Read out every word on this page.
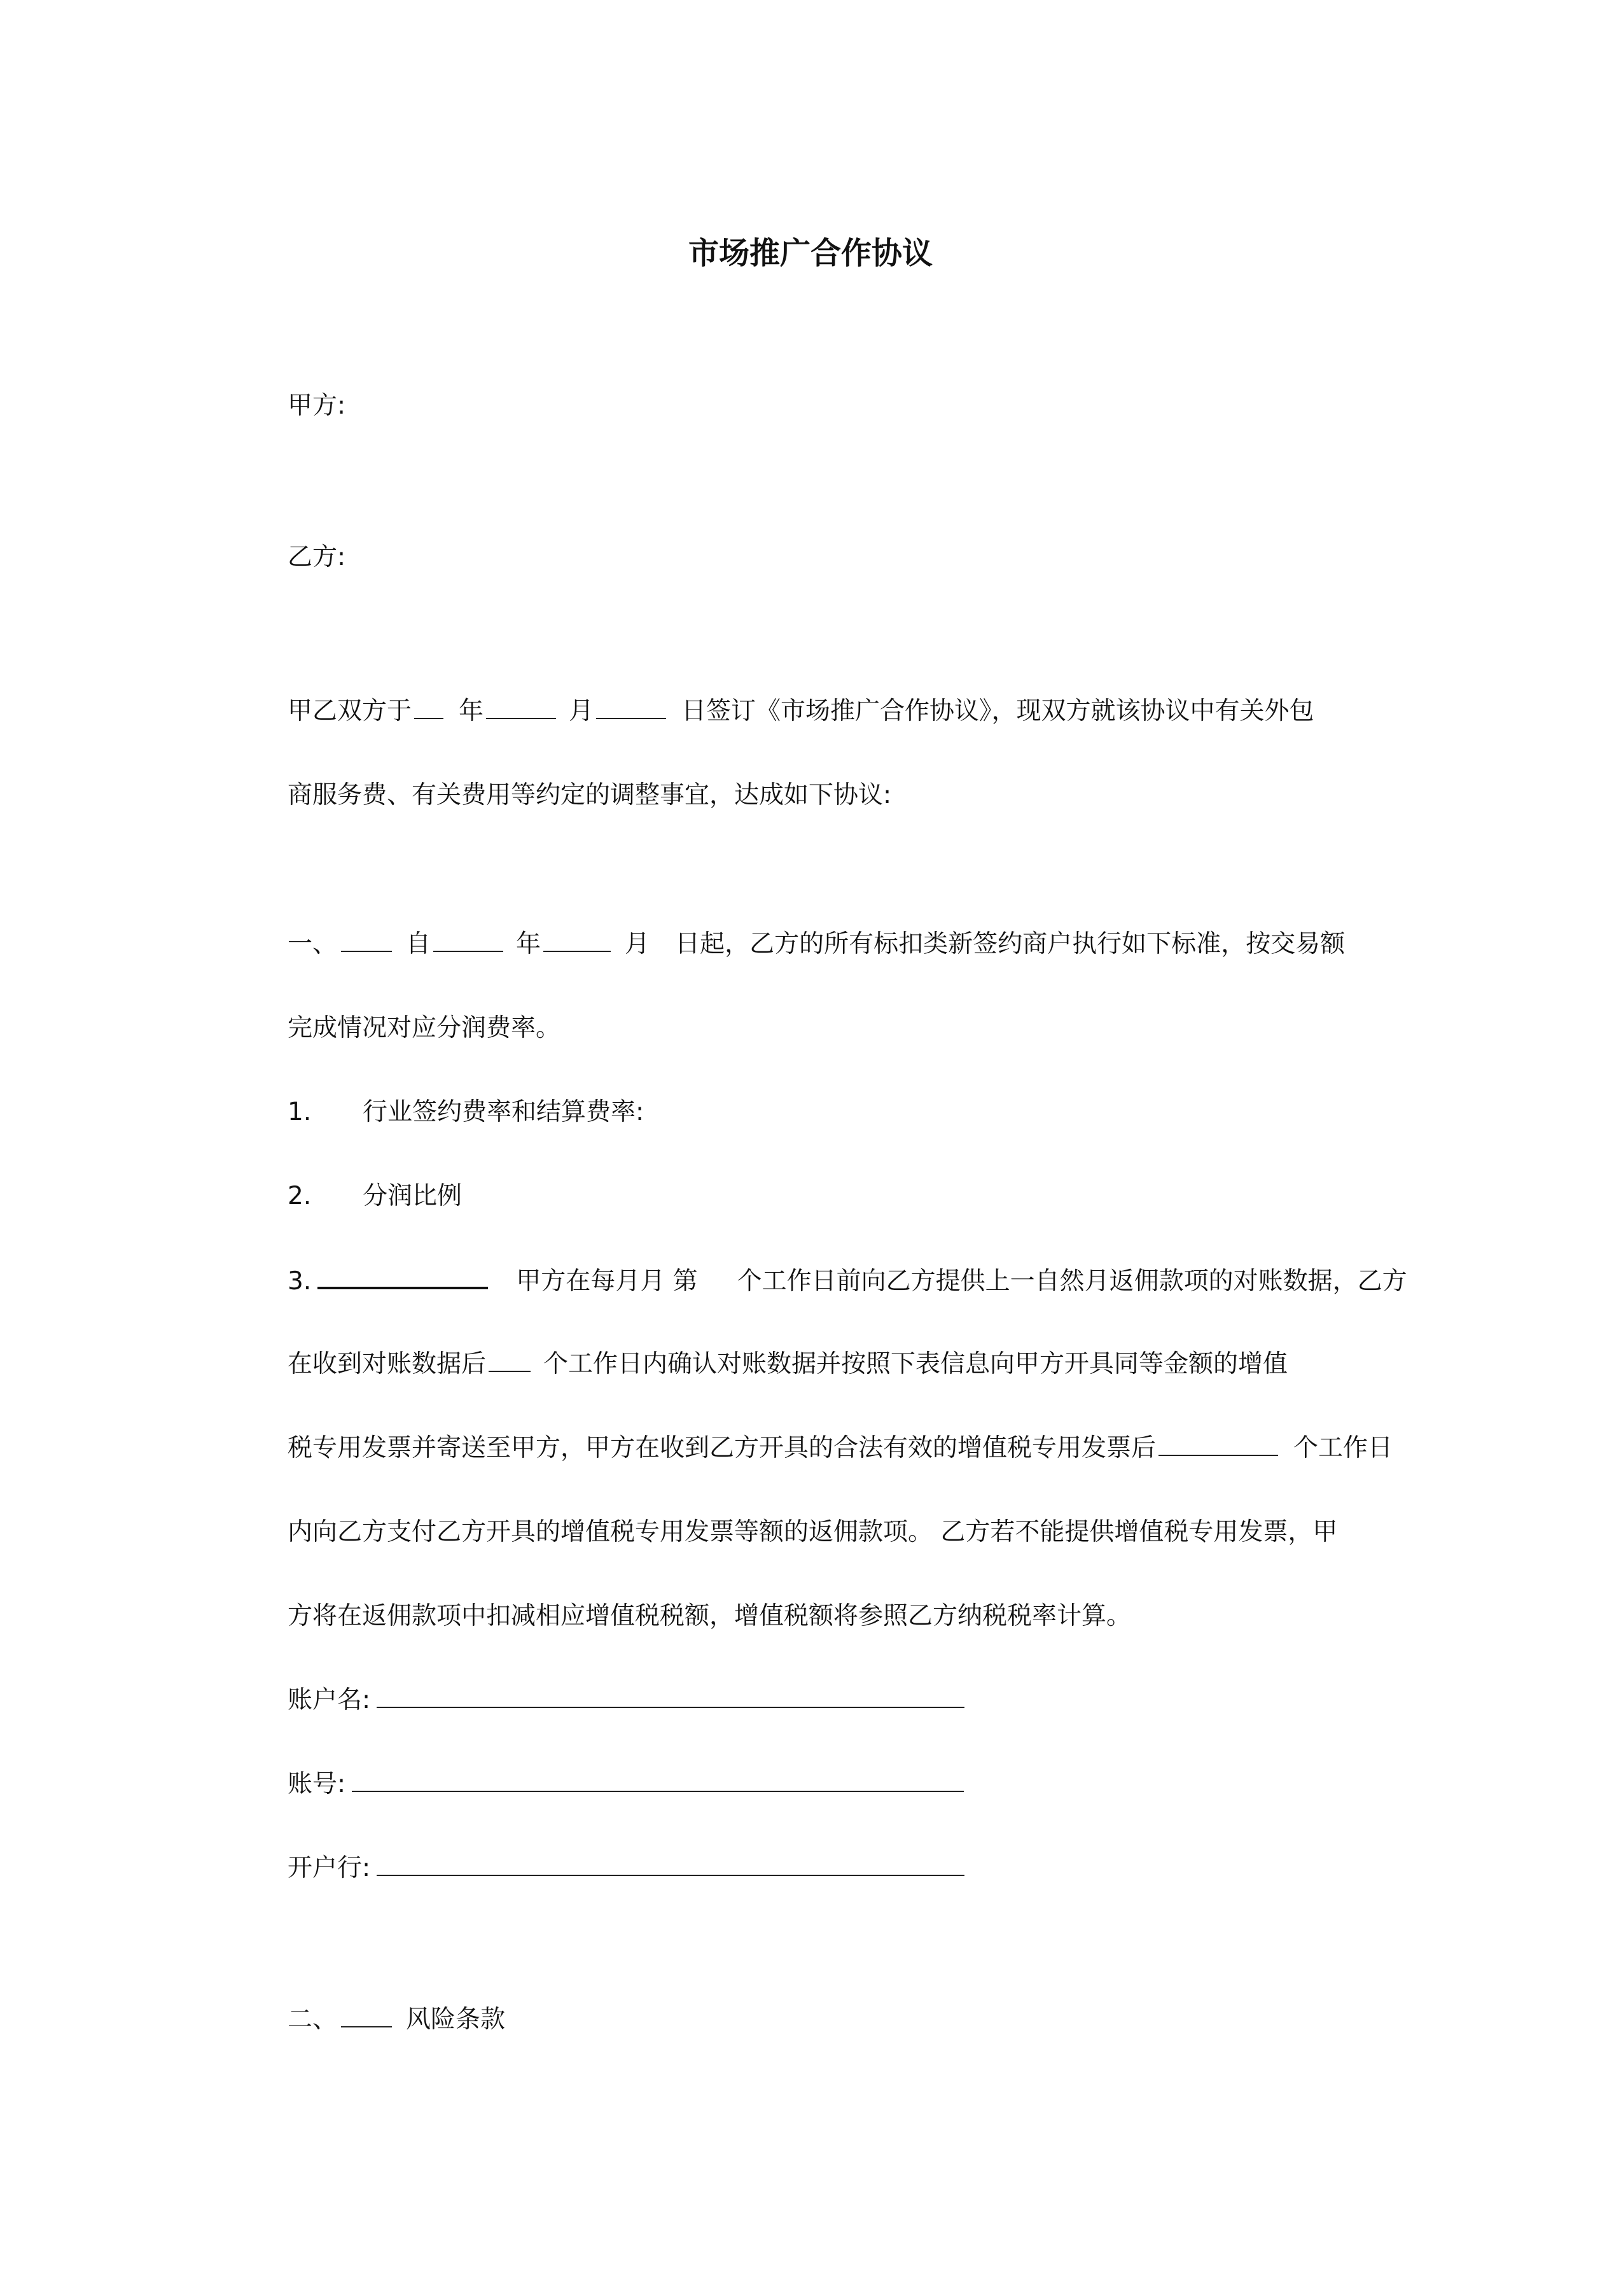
市场推广合作协议
甲方:
乙方:
甲乙双方于 年	月	日签订《市场推广合作协议》，现双方就该协议中有关外包
商服务费、有关费用等约定的调整事宜，达成如下协议:
一、	自	年	月 日起，乙方的所有标扣类新签约商户执行如下标准，按交易额
完成情况对应分润费率。
1. 行业签约费率和结算费率:
2. 分润比例
3.	甲方在每月月 第 个工作日前向乙方提供上一自然月返佣款项的对账数据，乙方
在收到对账数据后 个工作日内确认对账数据并按照下表信息向甲方开具同等金额的增值
税专用发票并寄送至甲方，甲方在收到乙方开具的合法有效的增值税专用发票后	个工作日
内向乙方支付乙方开具的增值税专用发票等额的返佣款项。 乙方若不能提供增值税专用发票，甲
方将在返佣款项中扣减相应增值税税额，增值税额将参照乙方纳税税率计算。
账户名:
账号:
开户行:
二、	风险条款
